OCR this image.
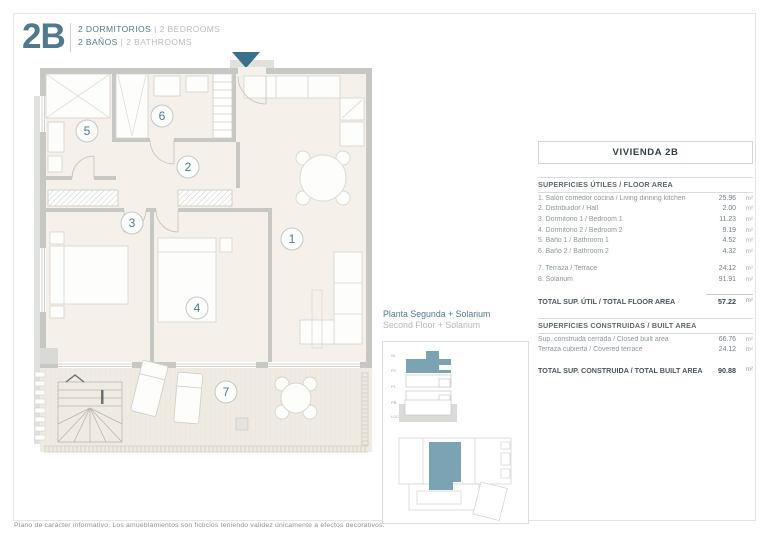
2B 2 DORMITORIOS | 2 BEDROOMS
2 BAÑOS | 2 BATHROOMS
1
2
3
4
5
6
7
Planta Segunda + Solarium
Second Floor + Solarium
SL
P2
P1
PB
LOC
VIVIENDA 2B
SUPERFICIES ÚTILES / FLOOR AREA
1. Salón comedor cocina / Living dinning kitchen	25.96	m²
2. Distribuidor / Hall	2.00	m²
3. Dormitorio 1 / Bedroom 1	11.23	m²
4. Dormitorio 2 / Bedroom 2	9.19	m²
5. Baño 1 / Bathroom 1	4.52	m²
6. Baño 2 / Bathroom 2	4.32	m²
7. Terraza / Terrace	24.12	m²
8. Solarium	91.91	m²
TOTAL SUP. ÚTIL / TOTAL FLOOR AREA	57.22	m²
SUPERFICIES CONSTRUIDAS / BUILT AREA
Sup. construida cerrada / Closed built area	66.76	m²
Terraza cubierta / Covered terrace	24.12	m²
TOTAL SUP. CONSTRUIDA / TOTAL BUILT AREA	90.88	m²
Plano de carácter informativo. Los amueblamientos son ficticios teniendo validez únicamente a efectos decorativos.
